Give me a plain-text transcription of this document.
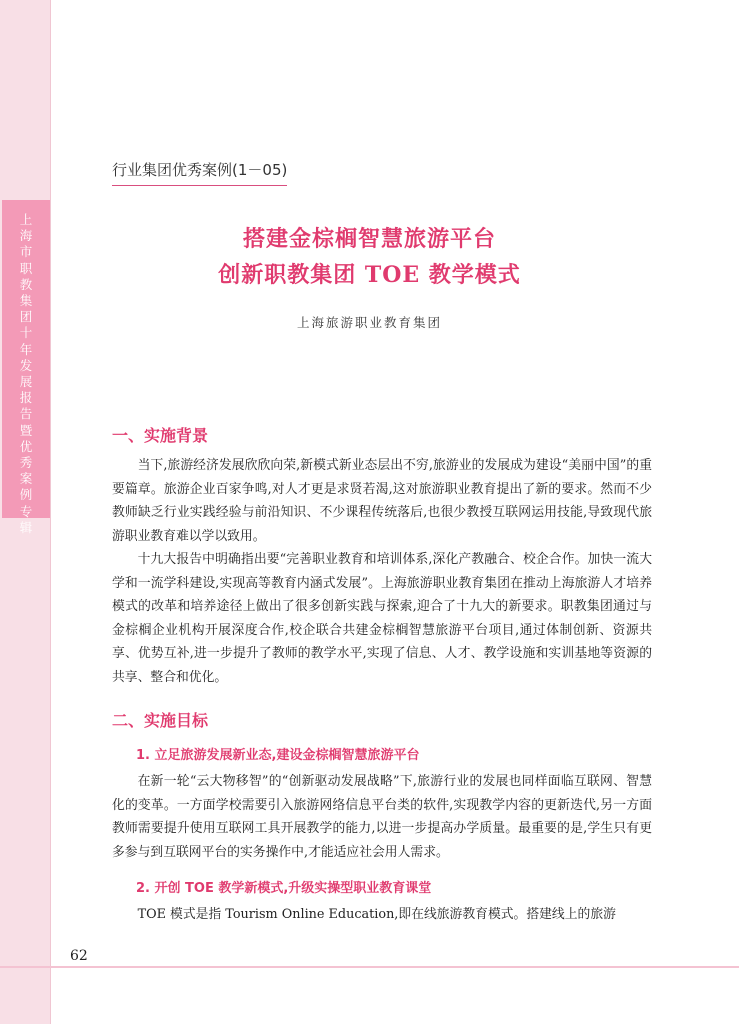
上
海
市
职
教
集
团
十
年
发
展
报
告
暨
优
秀
案
例
专
辑
行业集团优秀案例(1－05)
搭建金棕榈智慧旅游平台
创新职教集团 TOE 教学模式
上海旅游职业教育集团
一、实施背景

当下,旅游经济发展欣欣向荣,新模式新业态层出不穷,旅游业的发展成为建设“美丽中国”的重要篇章。旅游企业百家争鸣,对人才更是求贤若渴,这对旅游职业教育提出了新的要求。然而不少教师缺乏行业实践经验与前沿知识、不少课程传统落后,也很少教授互联网运用技能,导致现代旅游职业教育难以学以致用。

十九大报告中明确指出要“完善职业教育和培训体系,深化产教融合、校企合作。加快一流大学和一流学科建设,实现高等教育内涵式发展”。上海旅游职业教育集团在推动上海旅游人才培养模式的改革和培养途径上做出了很多创新实践与探索,迎合了十九大的新要求。职教集团通过与金棕榈企业机构开展深度合作,校企联合共建金棕榈智慧旅游平台项目,通过体制创新、资源共享、优势互补,进一步提升了教师的教学水平,实现了信息、人才、教学设施和实训基地等资源的共享、整合和优化。

二、实施目标
1. 立足旅游发展新业态,建设金棕榈智慧旅游平台

在新一轮“云大物移智”的“创新驱动发展战略”下,旅游行业的发展也同样面临互联网、智慧化的变革。一方面学校需要引入旅游网络信息平台类的软件,实现教学内容的更新迭代,另一方面教师需要提升使用互联网工具开展教学的能力,以进一步提高办学质量。最重要的是,学生只有更多参与到互联网平台的实务操作中,才能适应社会用人需求。

2. 开创 TOE 教学新模式,升级实操型职业教育课堂

TOE 模式是指 Tourism Online Education,即在线旅游教育模式。搭建线上的旅游

62
